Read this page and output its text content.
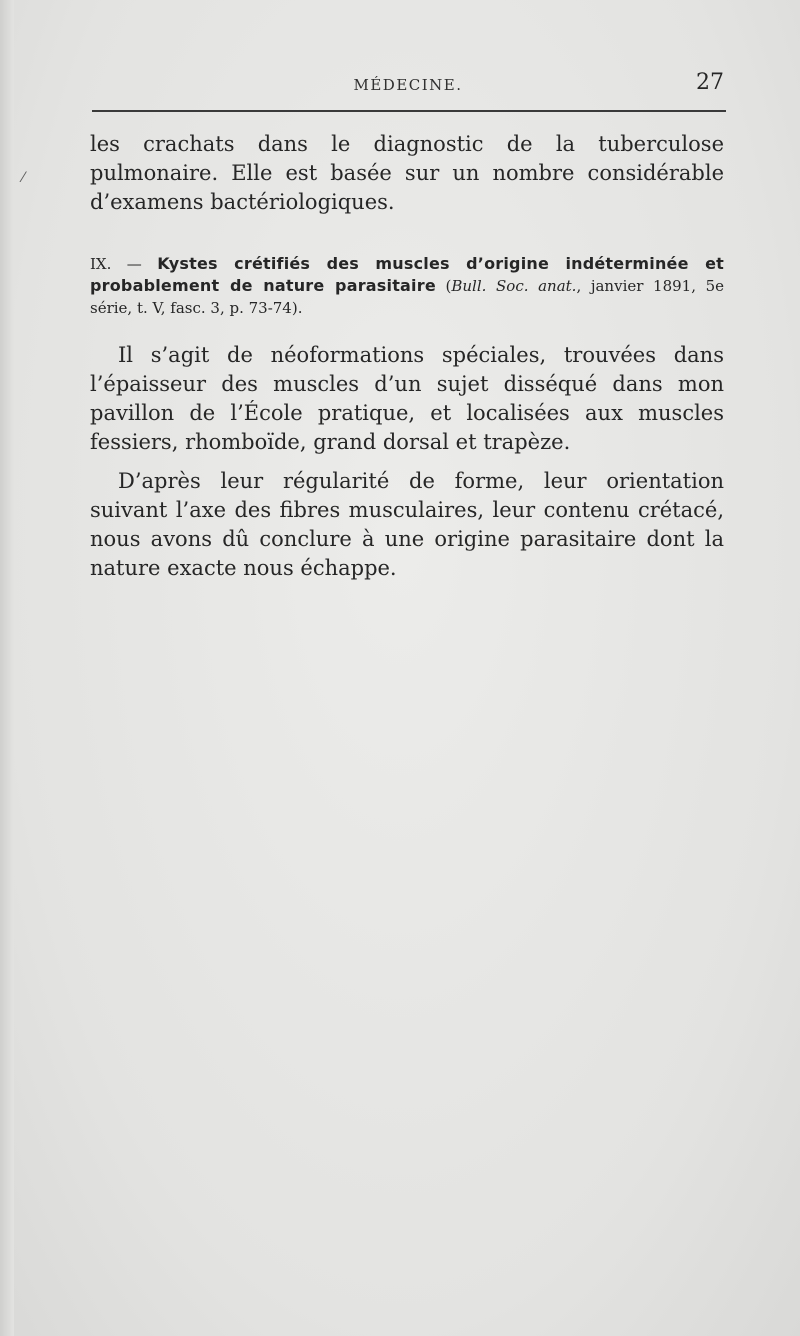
MÉDECINE.	27
⁄

les crachats dans le diagnostic de la tuberculose pulmonaire. Elle est basée sur un nombre considérable d’examens bactériologiques.

IX. — Kystes crétifiés des muscles d’origine indéterminée et probablement de nature parasitaire (Bull. Soc. anat., janvier 1891, 5e série, t. V, fasc. 3, p. 73-74).

Il s’agit de néoformations spéciales, trouvées dans l’épaisseur des muscles d’un sujet disséqué dans mon pavillon de l’École pratique, et localisées aux muscles fessiers, rhomboïde, grand dorsal et trapèze.

D’après leur régularité de forme, leur orientation suivant l’axe des fibres musculaires, leur contenu crétacé, nous avons dû conclure à une origine parasitaire dont la nature exacte nous échappe.
